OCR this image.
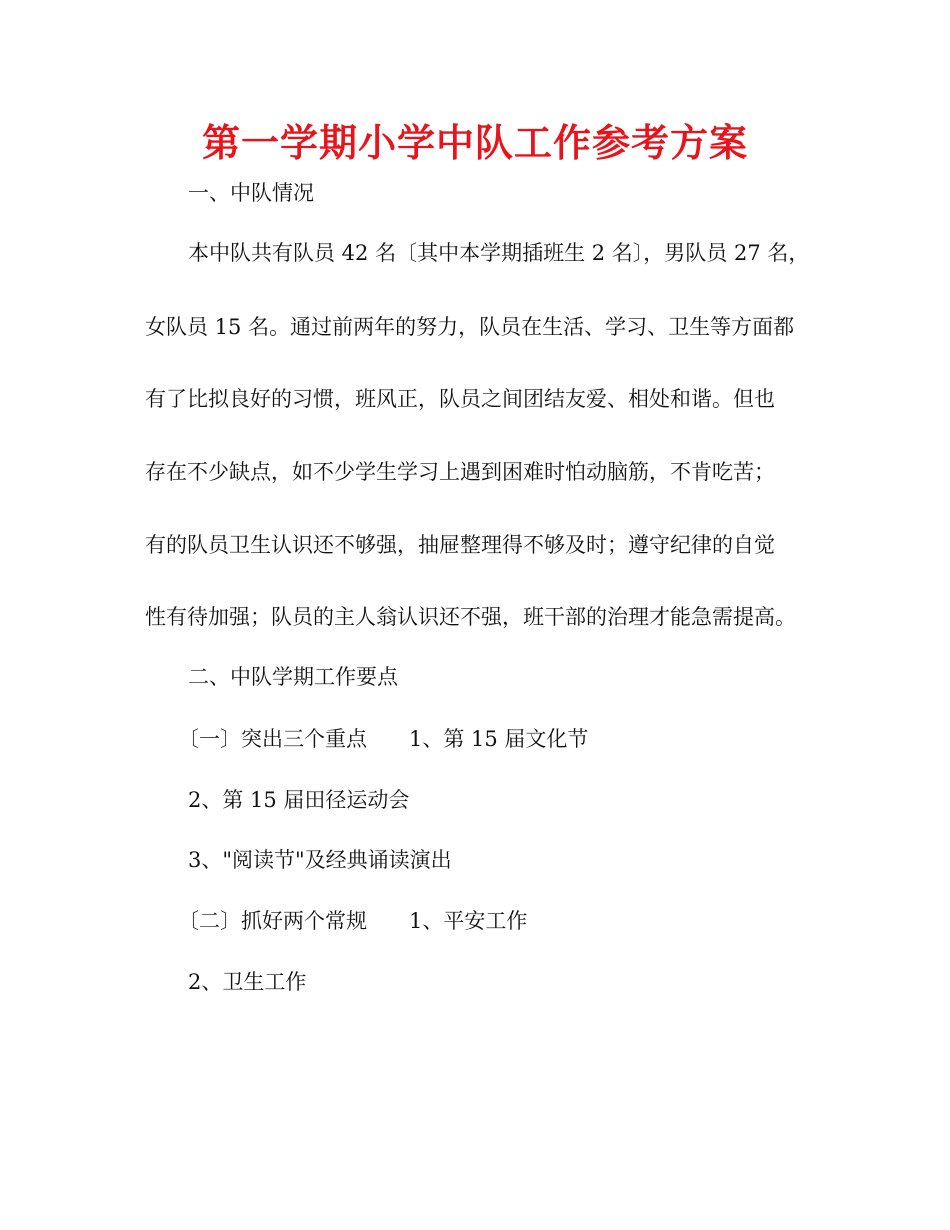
第一学期小学中队工作参考方案
一、中队情况
本中队共有队员 42 名〔其中本学期插班生 2 名〕，男队员 27 名，
女队员 15 名。通过前两年的努力，队员在生活、学习、卫生等方面都
有了比拟良好的习惯，班风正，队员之间团结友爱、相处和谐。但也
存在不少缺点，如不少学生学习上遇到困难时怕动脑筋，不肯吃苦；
有的队员卫生认识还不够强，抽屉整理得不够及时；遵守纪律的自觉
性有待加强；队员的主人翁认识还不强，班干部的治理才能急需提高。
二、中队学期工作要点
〔一〕突出三个重点 1、第 15 届文化节
2、第 15 届田径运动会
3、"阅读节"及经典诵读演出
〔二〕抓好两个常规 1、平安工作
2、卫生工作
